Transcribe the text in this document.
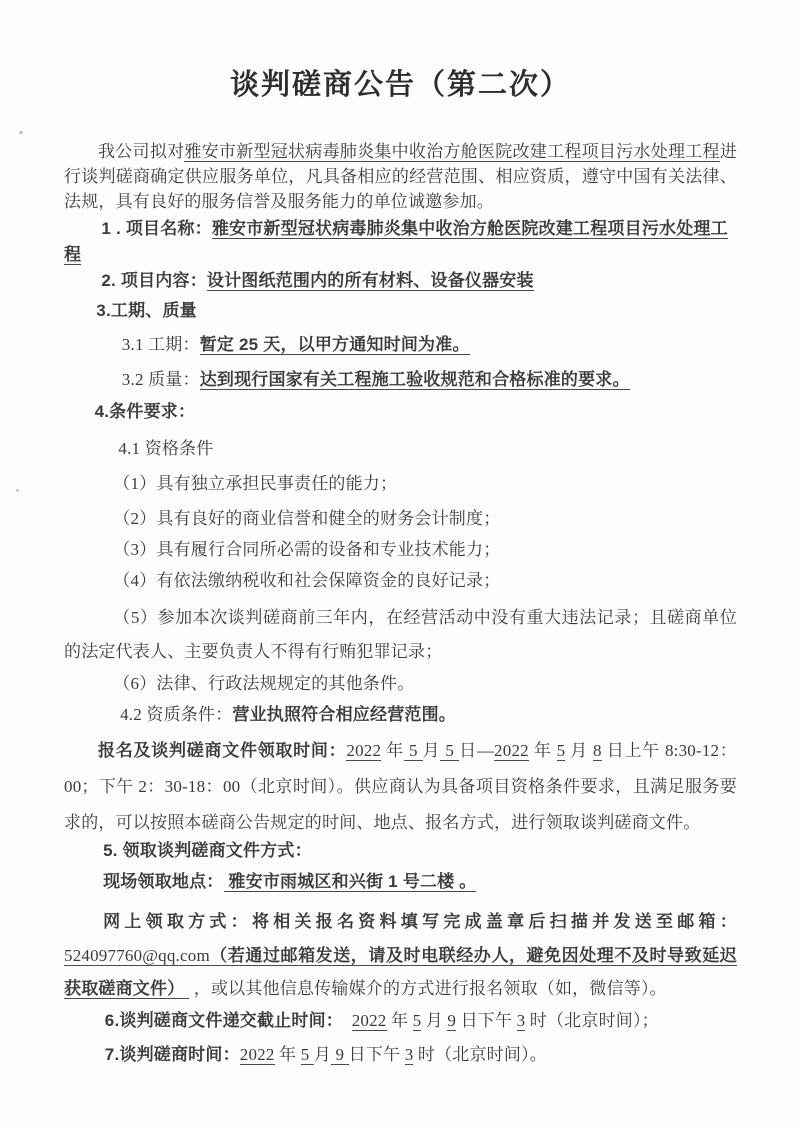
谈判磋商公告（第二次）

我公司拟对雅安市新型冠状病毒肺炎集中收治方舱医院改建工程项目污水处理工程进行谈判磋商确定供应服务单位，凡具备相应的经营范围、相应资质，遵守中国有关法律、法规，具有良好的服务信誉及服务能力的单位诚邀参加。

1 . 项目名称：雅安市新型冠状病毒肺炎集中收治方舱医院改建工程项目污水处理工程

2. 项目内容：设计图纸范围内的所有材料、设备仪器安装

3.工期、质量

3.1 工期：暂定 25 天，以甲方通知时间为准。

3.2 质量：达到现行国家有关工程施工验收规范和合格标准的要求。

4.条件要求：

4.1 资格条件

（1）具有独立承担民事责任的能力；

（2）具有良好的商业信誉和健全的财务会计制度；

（3）具有履行合同所必需的设备和专业技术能力；

（4）有依法缴纳税收和社会保障资金的良好记录；

（5）参加本次谈判磋商前三年内，在经营活动中没有重大违法记录；且磋商单位的法定代表人、主要负责人不得有行贿犯罪记录；

（6）法律、行政法规规定的其他条件。

4.2 资质条件：营业执照符合相应经营范围。

报名及谈判磋商文件领取时间：2022 年 5 月 5 日—2022 年 5 月 8 日上午 8:30-12：00；下午 2：30-18：00（北京时间）。供应商认为具备项目资格条件要求，且满足服务要求的，可以按照本磋商公告规定的时间、地点、报名方式，进行领取谈判磋商文件。

5. 领取谈判磋商文件方式：

现场领取地点： 雅安市雨城区和兴街 1 号二楼 。

网上领取方式：将相关报名资料填写完成盖章后扫描并发送至邮箱： 524097760@qq.com（若通过邮箱发送，请及时电联经办人，避免因处理不及时导致延迟获取磋商文件）  ，或以其他信息传输媒介的方式进行报名领取（如，微信等）。

6.谈判磋商文件递交截止时间：　 2022 年 5 月 9 日下午 3 时（北京时间）；

7.谈判磋商时间：2022 年 5 月 9 日下午 3 时（北京时间）。
